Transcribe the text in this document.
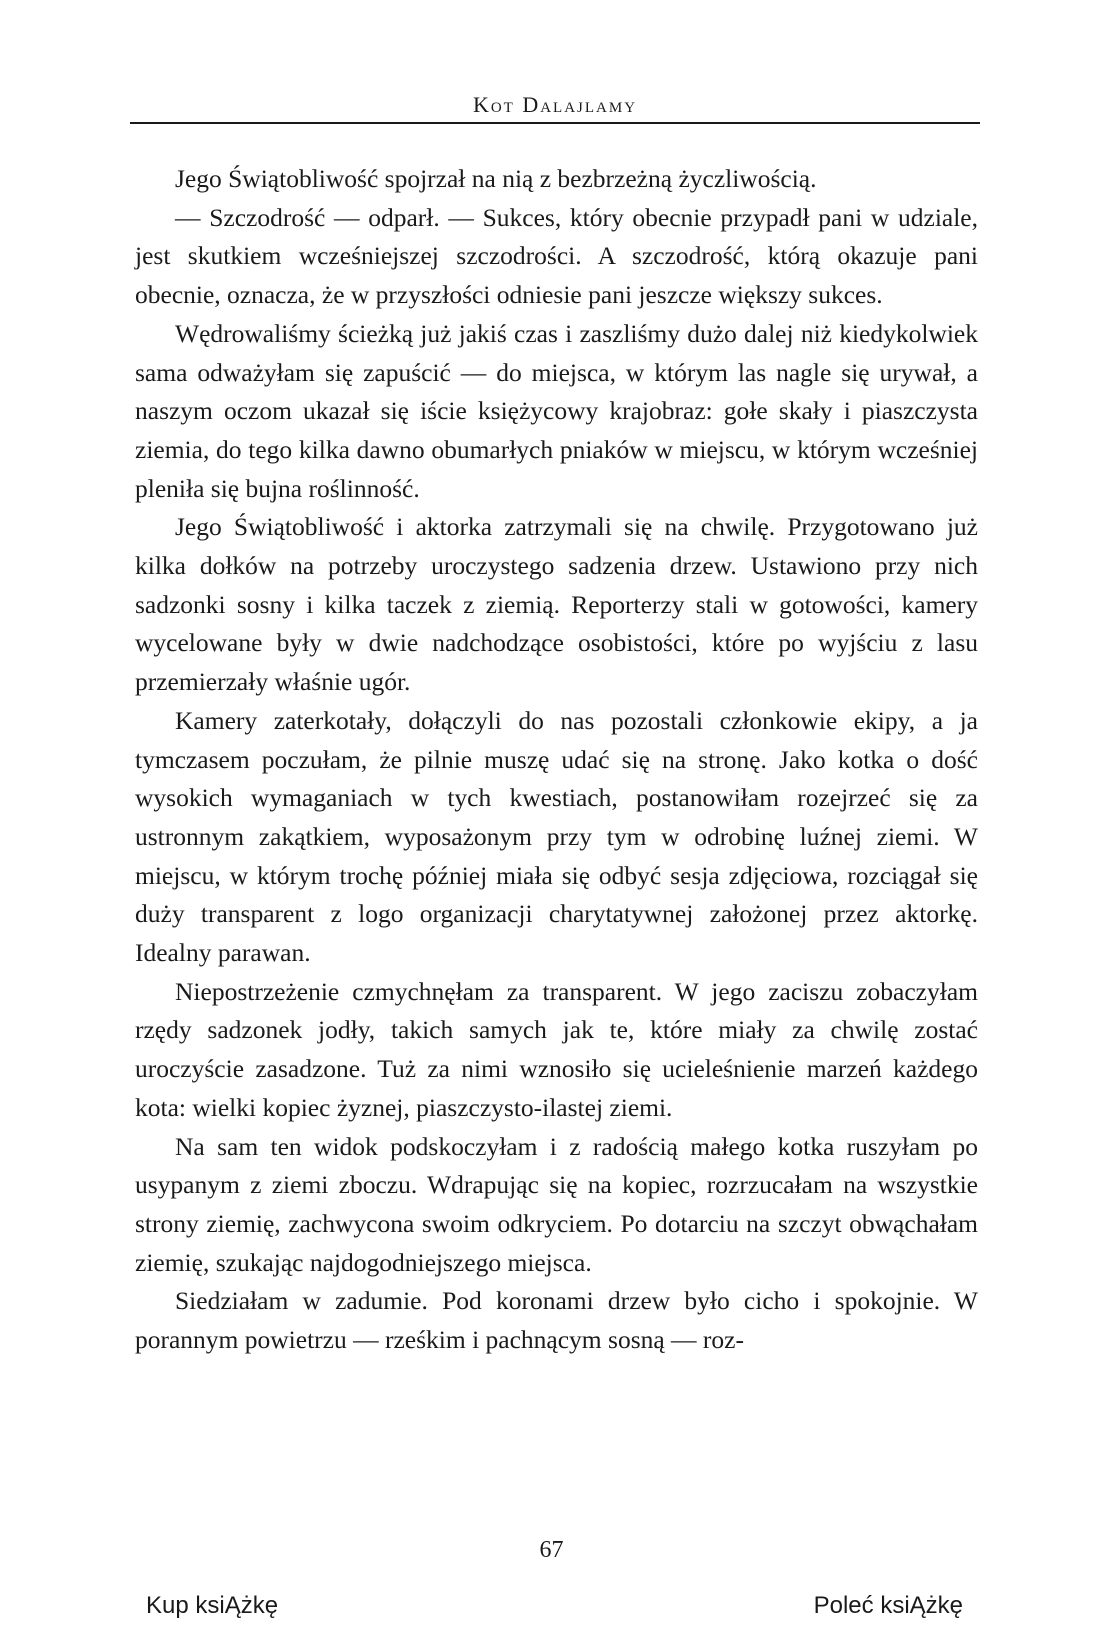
Kot Dalajlamy

Jego Świątobliwość spojrzał na nią z bezbrzeżną życzliwością.

— Szczodrość — odparł. — Sukces, który obecnie przypadł pani w udziale, jest skutkiem wcześniejszej szczodrości. A szczodrość, którą okazuje pani obecnie, oznacza, że w przyszłości odniesie pani jeszcze większy sukces.

Wędrowaliśmy ścieżką już jakiś czas i zaszliśmy dużo dalej niż kiedykolwiek sama odważyłam się zapuścić — do miejsca, w którym las nagle się urywał, a naszym oczom ukazał się iście księżycowy krajobraz: gołe skały i piaszczysta ziemia, do tego kilka dawno obumarłych pniaków w miejscu, w którym wcześniej pleniła się bujna roślinność.

Jego Świątobliwość i aktorka zatrzymali się na chwilę. Przygotowano już kilka dołków na potrzeby uroczystego sadzenia drzew. Ustawiono przy nich sadzonki sosny i kilka taczek z ziemią. Reporterzy stali w gotowości, kamery wycelowane były w dwie nadchodzące osobistości, które po wyjściu z lasu przemierzały właśnie ugór.

Kamery zaterkotały, dołączyli do nas pozostali członkowie ekipy, a ja tymczasem poczułam, że pilnie muszę udać się na stronę. Jako kotka o dość wysokich wymaganiach w tych kwestiach, postanowiłam rozejrzeć się za ustronnym zakątkiem, wyposażonym przy tym w odrobinę luźnej ziemi. W miejscu, w którym trochę później miała się odbyć sesja zdjęciowa, rozciągał się duży transparent z logo organizacji charytatywnej założonej przez aktorkę. Idealny parawan.

Niepostrzeżenie czmychnęłam za transparent. W jego zaciszu zobaczyłam rzędy sadzonek jodły, takich samych jak te, które miały za chwilę zostać uroczyście zasadzone. Tuż za nimi wznosiło się ucieleśnienie marzeń każdego kota: wielki kopiec żyznej, piaszczysto-ilastej ziemi.

Na sam ten widok podskoczyłam i z radością małego kotka ruszyłam po usypanym z ziemi zboczu. Wdrapując się na kopiec, rozrzucałam na wszystkie strony ziemię, zachwycona swoim odkryciem. Po dotarciu na szczyt obwąchałam ziemię, szukając najdogodniejszego miejsca.

Siedziałam w zadumie. Pod koronami drzew było cicho i spokojnie. W porannym powietrzu — rześkim i pachnącym sosną — roz-

67
Kup ksiĄżkę	Poleć ksiĄżkę
